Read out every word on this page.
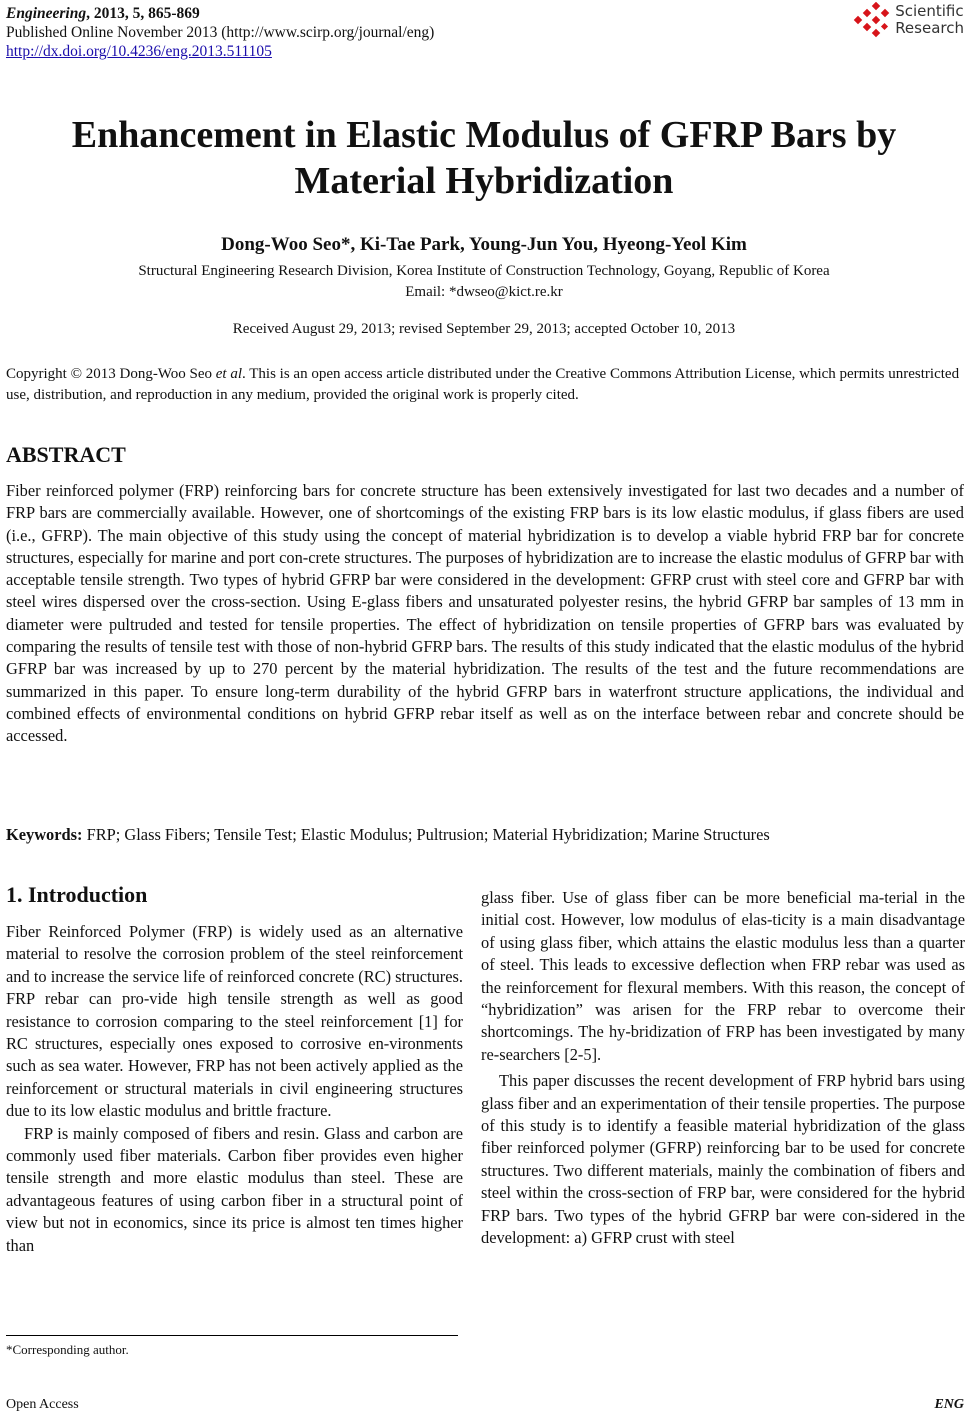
Engineering, 2013, 5, 865-869
Published Online November 2013 (http://www.scirp.org/journal/eng)
http://dx.doi.org/10.4236/eng.2013.511105
Scientific
Research
Enhancement in Elastic Modulus of GFRP Bars by
Material Hybridization
Dong-Woo Seo*, Ki-Tae Park, Young-Jun You, Hyeong-Yeol Kim
Structural Engineering Research Division, Korea Institute of Construction Technology, Goyang, Republic of Korea
Email: *dwseo@kict.re.kr
Received August 29, 2013; revised September 29, 2013; accepted October 10, 2013
Copyright © 2013 Dong-Woo Seo et al. This is an open access article distributed under the Creative Commons Attribution License, which permits unrestricted use, distribution, and reproduction in any medium, provided the original work is properly cited.
ABSTRACT
Fiber reinforced polymer (FRP) reinforcing bars for concrete structure has been extensively investigated for last two decades and a number of FRP bars are commercially available. However, one of shortcomings of the existing FRP bars is its low elastic modulus, if glass fibers are used (i.e., GFRP). The main objective of this study using the concept of material hybridization is to develop a viable hybrid FRP bar for concrete structures, especially for marine and port con-crete structures. The purposes of hybridization are to increase the elastic modulus of GFRP bar with acceptable tensile strength. Two types of hybrid GFRP bar were considered in the development: GFRP crust with steel core and GFRP bar with steel wires dispersed over the cross-section. Using E-glass fibers and unsaturated polyester resins, the hybrid GFRP bar samples of 13 mm in diameter were pultruded and tested for tensile properties. The effect of hybridization on tensile properties of GFRP bars was evaluated by comparing the results of tensile test with those of non-hybrid GFRP bars. The results of this study indicated that the elastic modulus of the hybrid GFRP bar was increased by up to 270 percent by the material hybridization. The results of the test and the future recommendations are summarized in this paper. To ensure long-term durability of the hybrid GFRP bars in waterfront structure applications, the individual and combined effects of environmental conditions on hybrid GFRP rebar itself as well as on the interface between rebar and concrete should be accessed.
Keywords: FRP; Glass Fibers; Tensile Test; Elastic Modulus; Pultrusion; Material Hybridization; Marine Structures
1. Introduction

Fiber Reinforced Polymer (FRP) is widely used as an alternative material to resolve the corrosion problem of the steel reinforcement and to increase the service life of reinforced concrete (RC) structures. FRP rebar can pro-vide high tensile strength as well as good resistance to corrosion comparing to the steel reinforcement [1] for RC structures, especially ones exposed to corrosive en-vironments such as sea water. However, FRP has not been actively applied as the reinforcement or structural materials in civil engineering structures due to its low elastic modulus and brittle fracture.

FRP is mainly composed of fibers and resin. Glass and carbon are commonly used fiber materials. Carbon fiber provides even higher tensile strength and more elastic modulus than steel. These are advantageous features of using carbon fiber in a structural point of view but not in economics, since its price is almost ten times higher than

glass fiber. Use of glass fiber can be more beneficial ma-terial in the initial cost. However, low modulus of elas-ticity is a main disadvantage of using glass fiber, which attains the elastic modulus less than a quarter of steel. This leads to excessive deflection when FRP rebar was used as the reinforcement for flexural members. With this reason, the concept of “hybridization” was arisen for the FRP rebar to overcome their shortcomings. The hy-bridization of FRP has been investigated by many re-searchers [2-5].

This paper discusses the recent development of FRP hybrid bars using glass fiber and an experimentation of their tensile properties. The purpose of this study is to identify a feasible material hybridization of the glass fiber reinforced polymer (GFRP) reinforcing bar to be used for concrete structures. Two different materials, mainly the combination of fibers and steel within the cross-section of FRP bar, were considered for the hybrid FRP bars. Two types of the hybrid GFRP bar were con-sidered in the development: a) GFRP crust with steel

*Corresponding author.
Open Access	ENG
